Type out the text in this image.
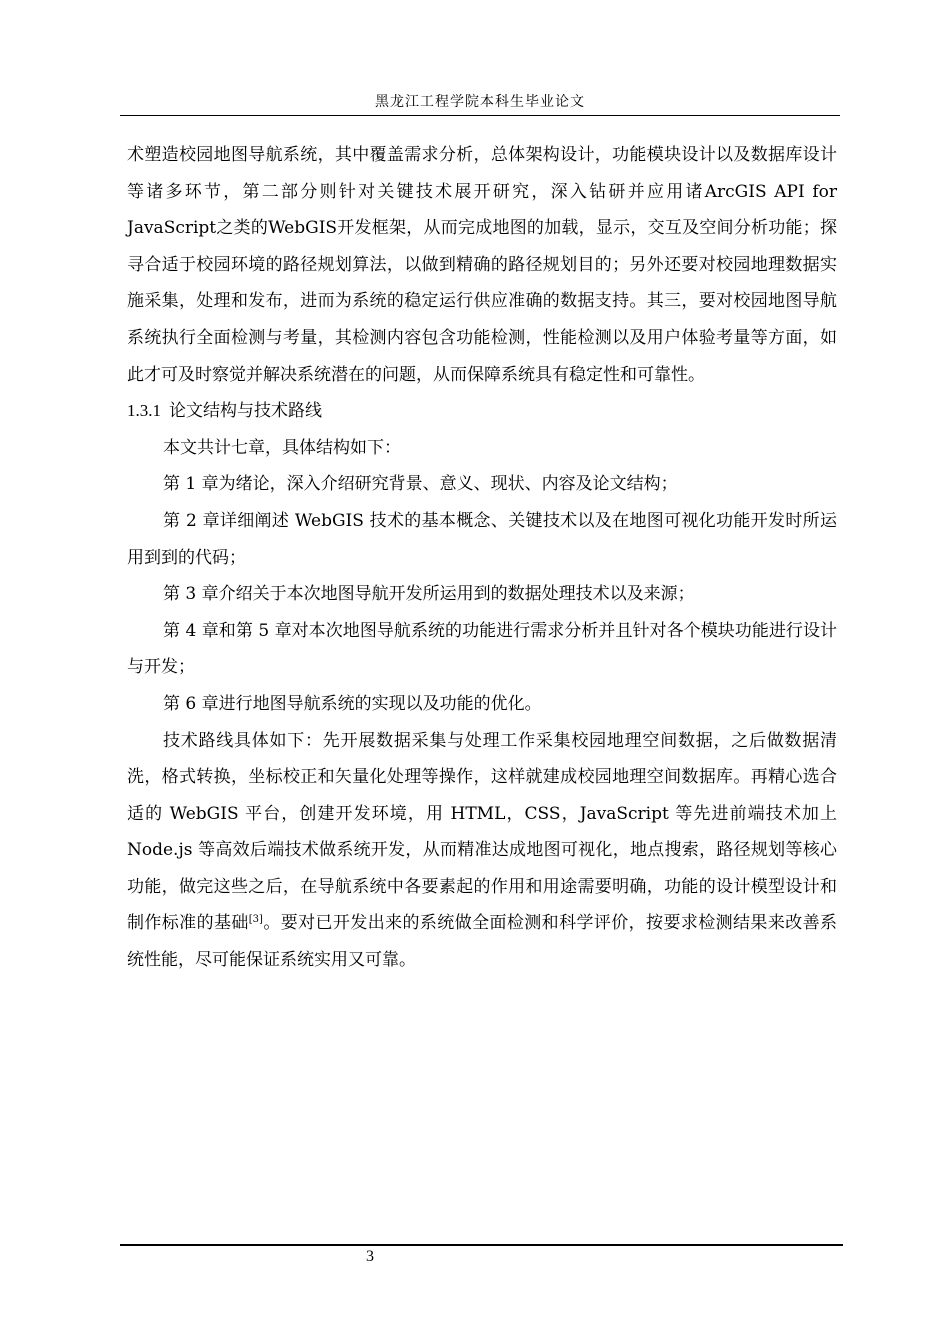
黑龙江工程学院本科生毕业论文

术塑造校园地图导航系统，其中覆盖需求分析，总体架构设计，功能模块设计以及数据库设计等诸多环节，第二部分则针对关键技术展开研究，深入钻研并应用诸ArcGIS API for JavaScript之类的WebGIS开发框架，从而完成地图的加载，显示，交互及空间分析功能；探寻合适于校园环境的路径规划算法，以做到精确的路径规划目的；另外还要对校园地理数据实施采集，处理和发布，进而为系统的稳定运行供应准确的数据支持。其三，要对校园地图导航系统执行全面检测与考量，其检测内容包含功能检测，性能检测以及用户体验考量等方面，如此才可及时察觉并解决系统潜在的问题，从而保障系统具有稳定性和可靠性。

1.3.1 论文结构与技术路线

本文共计七章，具体结构如下：

第 1 章为绪论，深入介绍研究背景、意义、现状、内容及论文结构；

第 2 章详细阐述 WebGIS 技术的基本概念、关键技术以及在地图可视化功能开发时所运用到到的代码；

第 3 章介绍关于本次地图导航开发所运用到的数据处理技术以及来源；

第 4 章和第 5 章对本次地图导航系统的功能进行需求分析并且针对各个模块功能进行设计与开发；

第 6 章进行地图导航系统的实现以及功能的优化。

技术路线具体如下：先开展数据采集与处理工作采集校园地理空间数据，之后做数据清洗，格式转换，坐标校正和矢量化处理等操作，这样就建成校园地理空间数据库。再精心选合适的 WebGIS 平台，创建开发环境，用 HTML，CSS，JavaScript 等先进前端技术加上 Node.js 等高效后端技术做系统开发，从而精准达成地图可视化，地点搜索，路径规划等核心功能，做完这些之后，在导航系统中各要素起的作用和用途需要明确，功能的设计模型设计和制作标准的基础[3]。要对已开发出来的系统做全面检测和科学评价，按要求检测结果来改善系统性能，尽可能保证系统实用又可靠。

3
